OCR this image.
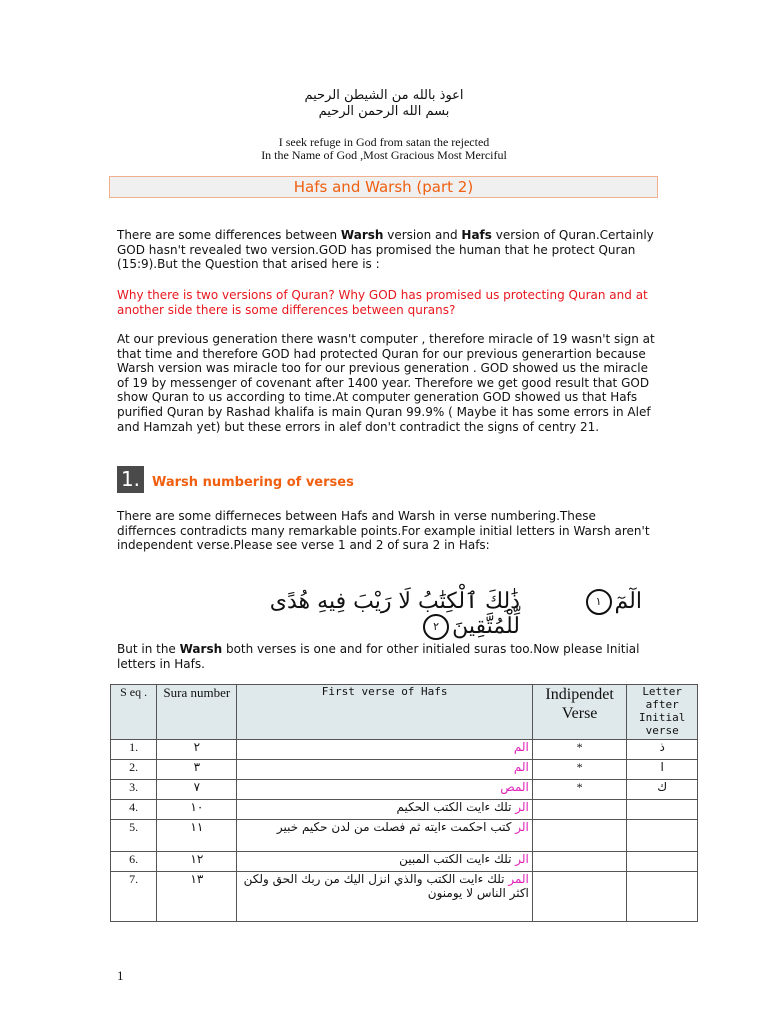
اعوذ بالله من الشيطن الرحيم
بسم الله الرحمن الرحيم
I seek refuge in God from satan the rejected
In the Name of God ,Most Gracious Most Merciful
Hafs and Warsh (part 2)

There are some differences between Warsh version and Hafs version of Quran.Certainly GOD hasn't revealed two version.GOD has promised the human that he protect Quran (15:9).But the Question that arised here is :

Why there is two versions of Quran? Why GOD has promised us protecting Quran and at another side there is some differences between qurans?

At our previous generation there wasn't computer , therefore miracle of 19 wasn't sign at that time and therefore GOD had protected Quran for our previous generartion because Warsh version was miracle too for our previous generation . GOD showed us the miracle of 19 by messenger of covenant after 1400 year. Therefore we get good result that GOD show Quran to us according to time.At computer generation GOD showed us that Hafs purified Quran by Rashad khalifa is main Quran 99.9% ( Maybe it has some errors in Alef and Hamzah yet) but these errors in alef don't contradict the signs of centry 21.

1. Warsh numbering of verses

There are some differneces between Hafs and Warsh in verse numbering.These differnces contradicts many remarkable points.For example initial letters in Warsh aren't independent verse.Please see verse 1 and 2 of sura 2 in Hafs:

الٓمٓ١
ذَٰلِكَ ٱلْكِتَٰبُ لَا رَيْبَ فِيهِ هُدًى لِّلْمُتَّقِينَ٢

But in the Warsh both verses is one and for other initialed suras too.Now please Initial letters in Hafs.

S eq .	Sura number	First verse of Hafs	Indipendet Verse	Letter after Initial verse
1.	٢	الم	*	ذ
2.	٣	الم	*	ا
3.	٧	المص	*	ك
4.	١٠	الر تلك ءايت الكتب الحكيم		
5.	١١	الر كتب احكمت ءايته ثم فصلت من لدن حكيم خبير		
6.	١٢	الر تلك ءايت الكتب المبين		
7.	١٣	المر تلك ءايت الكتب والذي انزل اليك من ربك الحق ولكن اكثر الناس لا يومنون		
1
